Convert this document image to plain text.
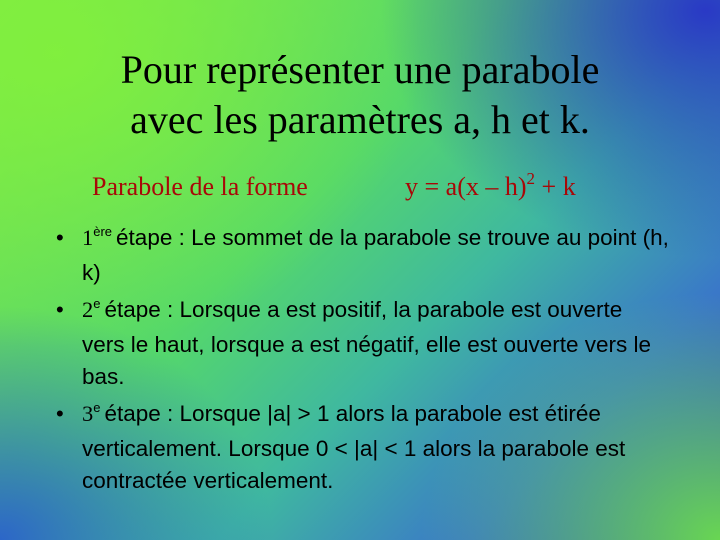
Pour représenter une parabole
avec les paramètres a, h et k.
Parabole de la forme	y = a(x – h)$^2$ + k
• 1ère étape : Le sommet de la parabole se trouve au point (h, k)
• 2e étape : Lorsque a est positif, la parabole est ouverte vers le haut, lorsque a est négatif, elle est ouverte vers le bas.
• 3e étape : Lorsque |a| > 1 alors la parabole est étirée verticalement. Lorsque 0 < |a| < 1 alors la parabole est contractée verticalement.
